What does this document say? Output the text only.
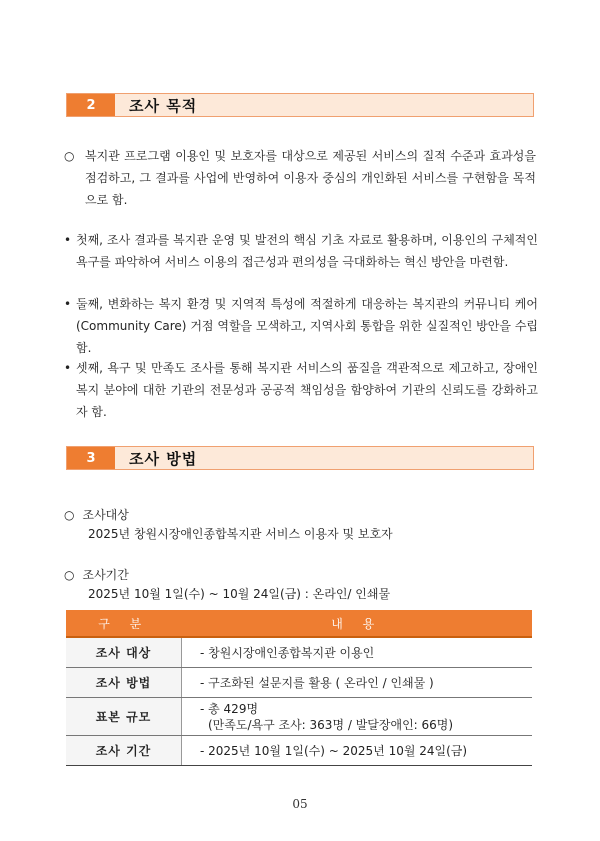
2	조사 목적
○ 복지관 프로그램 이용인 및 보호자를 대상으로 제공된 서비스의 질적 수준과 효과성을 점검하고, 그 결과를 사업에 반영하여 이용자 중심의 개인화된 서비스를 구현함을 목적으로 함.
• 첫째, 조사 결과를 복지관 운영 및 발전의 핵심 기초 자료로 활용하며, 이용인의 구체적인 욕구를 파악하여 서비스 이용의 접근성과 편의성을 극대화하는 혁신 방안을 마련함.
• 둘째, 변화하는 복지 환경 및 지역적 특성에 적절하게 대응하는 복지관의 커뮤니티 케어(Community Care) 거점 역할을 모색하고, 지역사회 통합을 위한 실질적인 방안을 수립함.
• 셋째, 욕구 및 만족도 조사를 통해 복지관 서비스의 품질을 객관적으로 제고하고, 장애인복지 분야에 대한 기관의 전문성과 공공적 책임성을 함양하여 기관의 신뢰도를 강화하고자 함.
3	조사 방법
○ 조사대상
2025년 창원시장애인종합복지관 서비스 이용자 및 보호자
○ 조사기간
2025년 10월 1일(수) ~ 10월 24일(금) : 온라인/ 인쇄물
구 분	내 용
조사 대상	- 창원시장애인종합복지관 이용인
조사 방법	- 구조화된 설문지를 활용 ( 온라인 / 인쇄물 )
표본 규모	- 총 429명
(만족도/욕구 조사: 363명 / 발달장애인: 66명)

조사 기간	- 2025년 10월 1일(수) ~ 2025년 10월 24일(금)
05
